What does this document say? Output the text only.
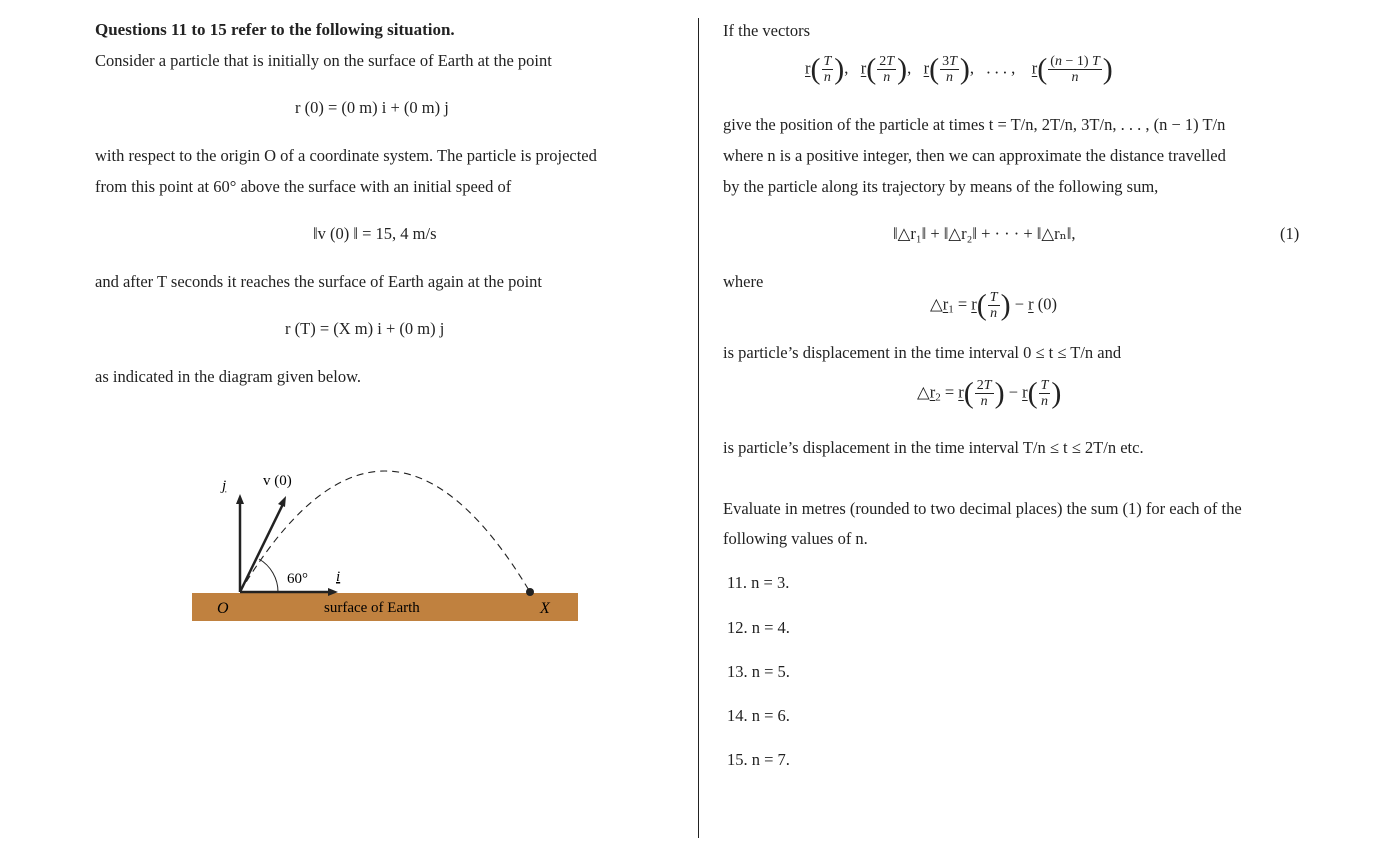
Questions 11 to 15 refer to the following situation.
Consider a particle that is initially on the surface of Earth at the point
r (0) = (0 m) i + (0 m) j
with respect to the origin O of a coordinate system. The particle is projected
from this point at 60° above the surface with an initial speed of
‖v (0) ‖ = 15, 4 m/s
and after T seconds it reaches the surface of Earth again at the point
r (T) = (X m) i + (0 m) j
as indicated in the diagram given below.
j v (0)
60° i
O	surface of Earth	X
If the vectors
$r( \frac{T}{n}$ ),   $r( \frac{2T}{n}$ ),   $r( \frac{3T}{n}$ ),   . . . ,    $r( \frac{(n - 1) T}{n}$ )
give the position of the particle at times t = T/n, 2T/n, 3T/n, . . . , (n − 1) T/n
where n is a positive integer, then we can approximate the distance travelled
by the particle along its trajectory by means of the following sum,
‖△r₁‖ + ‖△r₂‖ + · · · + ‖△rₙ‖,	(1)
where
$\triangle r_1 = r( \frac{T}{n}$ ) − r (0)
is particle’s displacement in the time interval 0 ≤ t ≤ T/n and
$\triangle r_2 = r( \frac{2T}{n}$ ) − $r( \frac{T}{n}$ )
is particle’s displacement in the time interval T/n ≤ t ≤ 2T/n etc.
Evaluate in metres (rounded to two decimal places) the sum (1) for each of the
following values of n.
11. n = 3.
12. n = 4.
13. n = 5.
14. n = 6.
15. n = 7.
